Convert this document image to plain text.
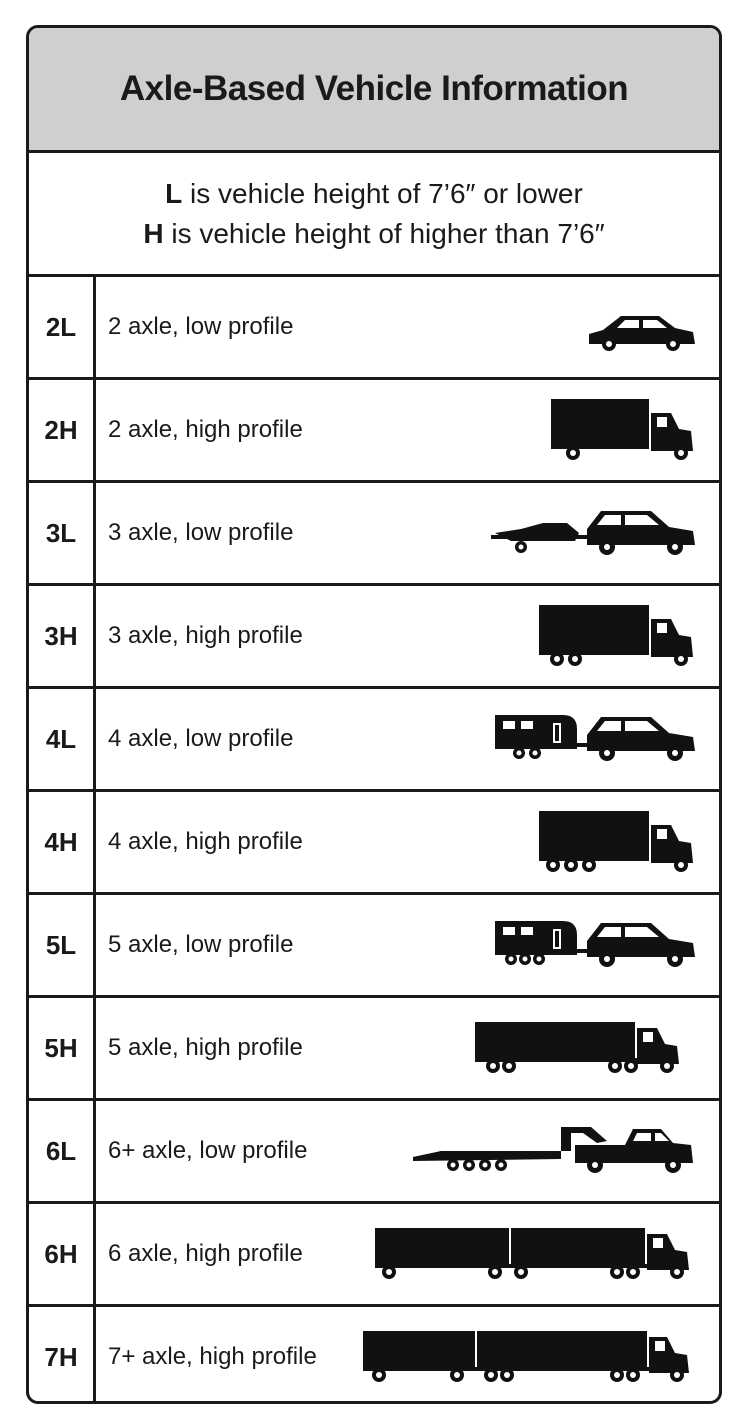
Axle-Based Vehicle Information
L is vehicle height of 7’6″ or lower
H is vehicle height of higher than 7’6″
2L	2 axle, low profile
2H	2 axle, high profile
3L	3 axle, low profile
3H	3 axle, high profile
4L	4 axle, low profile
4H	4 axle, high profile
5L	5 axle, low profile
5H	5 axle, high profile
6L	6+ axle, low profile
6H	6 axle, high profile
7H	7+ axle, high profile
